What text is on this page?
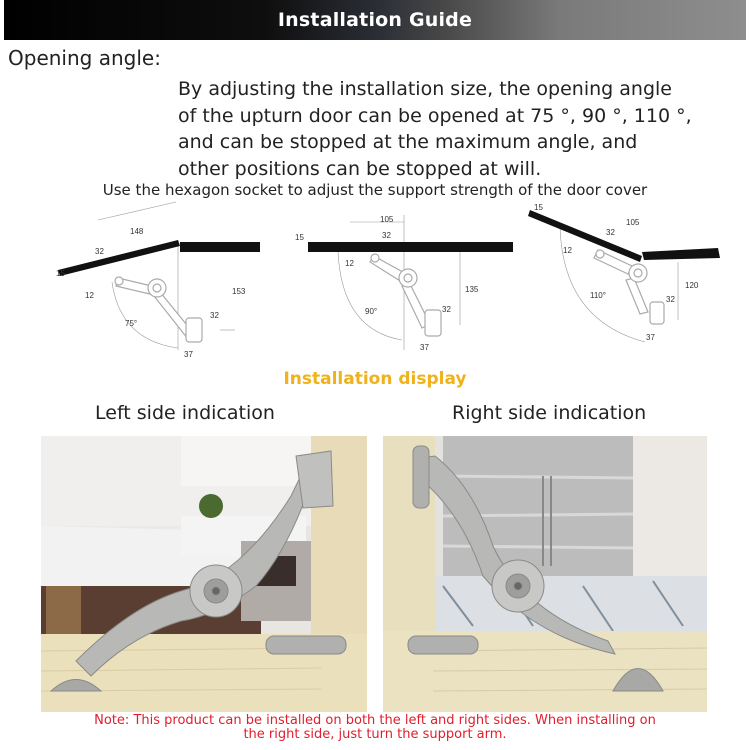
Installation Guide
Opening angle:
By adjusting the installation size, the opening angle
of the upturn door can be opened at 75 °, 90 °, 110 °,
and can be stopped at the maximum angle, and
other positions can be stopped at will.
Use the hexagon socket to adjust the support strength of the door cover
148
32
15
12	153
32
75°
37
105
32
15
12
135
32
90°
37
15
105
32
12
120
32
110°
37
Installation display
Left side indication	Right side indication
Note: This product can be installed on both the left and right sides. When installing on
the right side, just turn the support arm.
